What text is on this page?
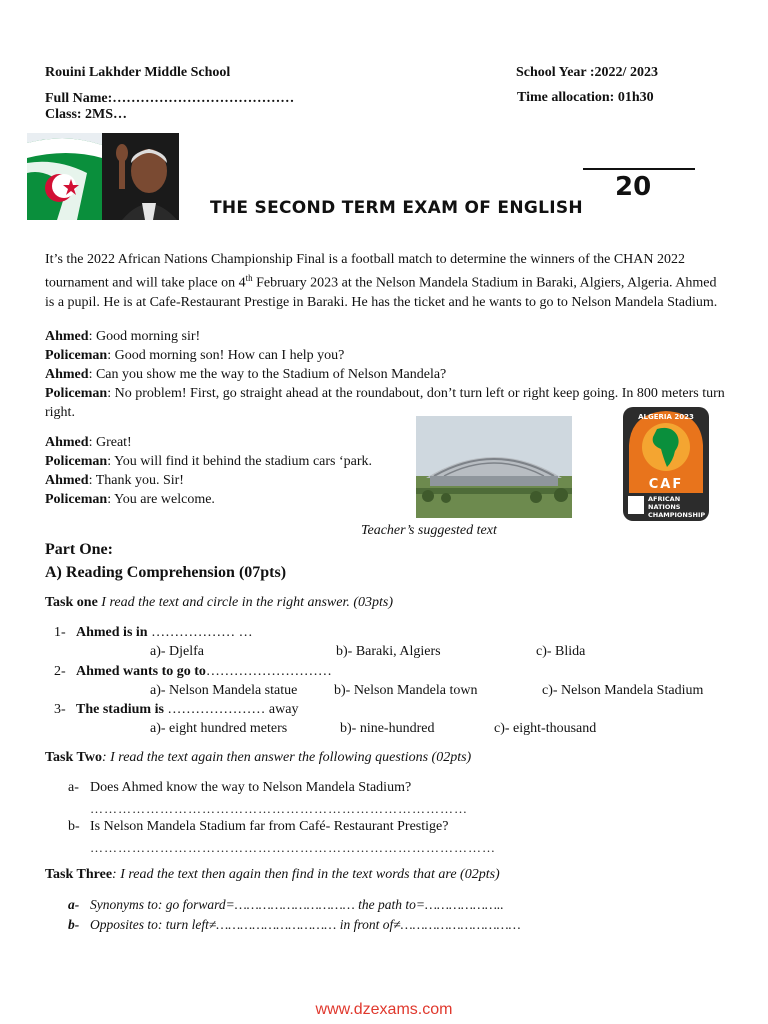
Rouini Lakhder Middle School
Full Name:…………………………………
Class: 2MS…
School Year :2022/ 2023
Time allocation: 01h30
THE SECOND TERM EXAM OF ENGLISH
20
It’s the 2022 African Nations Championship Final is a football match to determine the winners of the CHAN 2022 tournament and will take place on 4th February 2023 at the Nelson Mandela Stadium in Baraki, Algiers, Algeria. Ahmed is a pupil. He is at Cafe-Restaurant Prestige in Baraki. He has the ticket and he wants to go to Nelson Mandela Stadium.
Ahmed: Good morning sir!
Policeman: Good morning son! How can I help you?
Ahmed: Can you show me the way to the Stadium of Nelson Mandela?
Policeman: No problem! First, go straight ahead at the roundabout, don’t turn left or right keep going. In 800 meters turn right.
Ahmed: Great!
Policeman: You will find it behind the stadium cars ‘park.
Ahmed: Thank you. Sir!
Policeman: You are welcome.
ALGERIA 2023
CAF
AFRICAN
NATIONS
CHAMPIONSHIP
Teacher’s suggested text
Part One:
A) Reading Comprehension (07pts)
Task one I read the text and circle in the right answer. (03pts)
1- Ahmed is in ……………… …
a)- Djelfa	b)- Baraki, Algiers	c)- Blida
2- Ahmed wants to go to………………………
a)- Nelson Mandela statue	b)- Nelson Mandela town	c)- Nelson Mandela Stadium
3- The stadium is ………………… away
a)- eight hundred meters	b)- nine-hundred	c)- eight-thousand
Task Two: I read the text again then answer the following questions (02pts)
a- Does Ahmed know the way to Nelson Mandela Stadium?
………………………………………………………………………
b- Is Nelson Mandela Stadium far from Café- Restaurant Prestige?
……………………………………………………………………………
Task Three: I read the text then again then find in the text words that are (02pts)
a- Synonyms to: go forward=………………………… the path to=………………..
b- Opposites to: turn left≠………………………… in front of≠…………………………
www.dzexams.com
